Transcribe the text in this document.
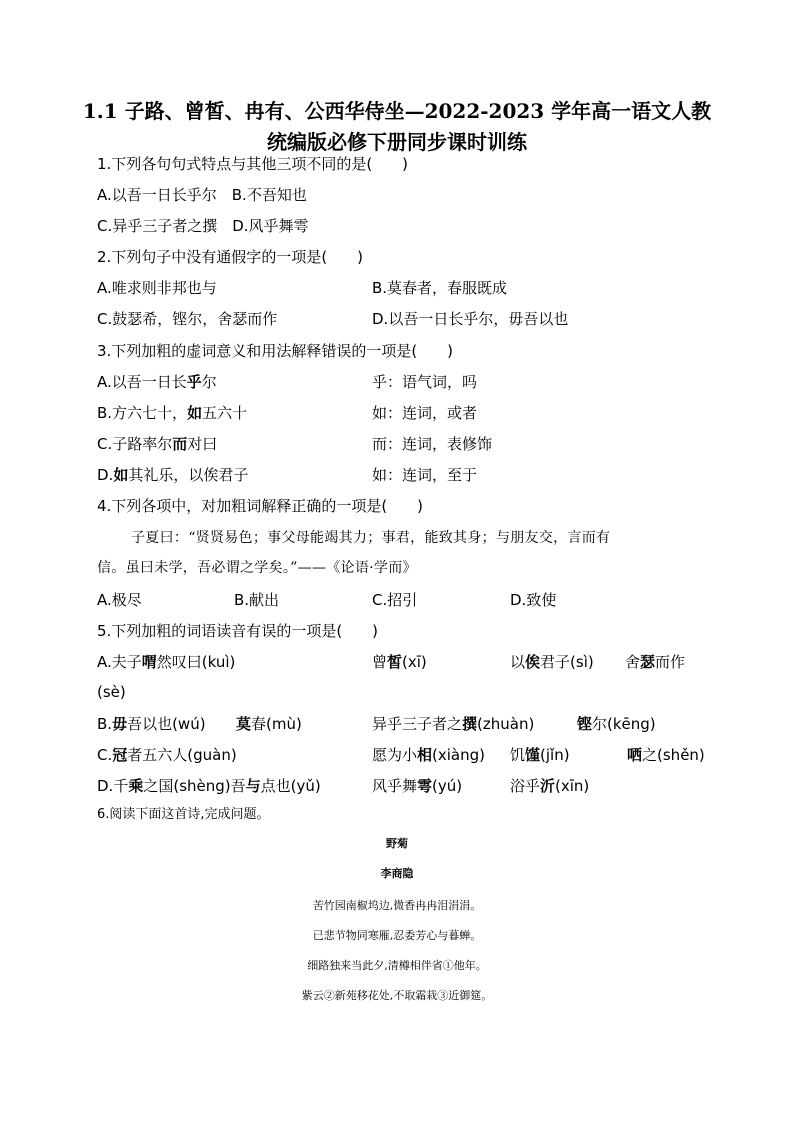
1.1 子路、曾皙、冉有、公西华侍坐—2022-2023 学年高一语文人教
统编版必修下册同步课时训练
1.下列各句句式特点与其他三项不同的是(　　)
A.以吾一日长乎尔　B.不吾知也
C.异乎三子者之撰　D.风乎舞雩
2.下列句子中没有通假字的一项是(　　)
A.唯求则非邦也与	B.莫春者，春服既成
C.鼓瑟希，铿尔，舍瑟而作	D.以吾一日长乎尔，毋吾以也
3.下列加粗的虚词意义和用法解释错误的一项是(　　)
A.以吾一日长乎尔	乎：语气词，吗
B.方六七十，如五六十	如：连词，或者
C.子路率尔而对曰	而：连词，表修饰
D.如其礼乐，以俟君子	如：连词，至于
4.下列各项中，对加粗词解释正确的一项是(　　)
子夏曰：“贤贤易色；事父母能竭其力；事君，能致其身；与朋友交，言而有
信。虽曰未学，吾必谓之学矣。”——《论语·学而》
A.极尽	B.献出	C.招引	D.致使
5.下列加粗的词语读音有误的一项是(　　)
A.夫子喟然叹曰(kuì)	曾皙(xī)	以俟君子(sì) 舍瑟而作
(sè)
B.毋吾以也(wú) 莫春(mù)	异乎三子者之撰(zhuàn)	铿尔(kēng)
C.冠者五六人(guàn)	愿为小相(xiàng) 饥馑(jǐn)	哂之(shěn)
D.千乘之国(shèng)吾与点也(yǔ)	风乎舞雩(yú)	浴乎沂(xīn)
6.阅读下面这首诗,完成问题。
野菊
李商隐
苦竹园南椒坞边,微香冉冉泪涓涓。
已悲节物同寒雁,忍委芳心与暮蝉。
细路独来当此夕,清樽相伴省①他年。
紫云②新苑移花处,不取霜栽③近御筵。
